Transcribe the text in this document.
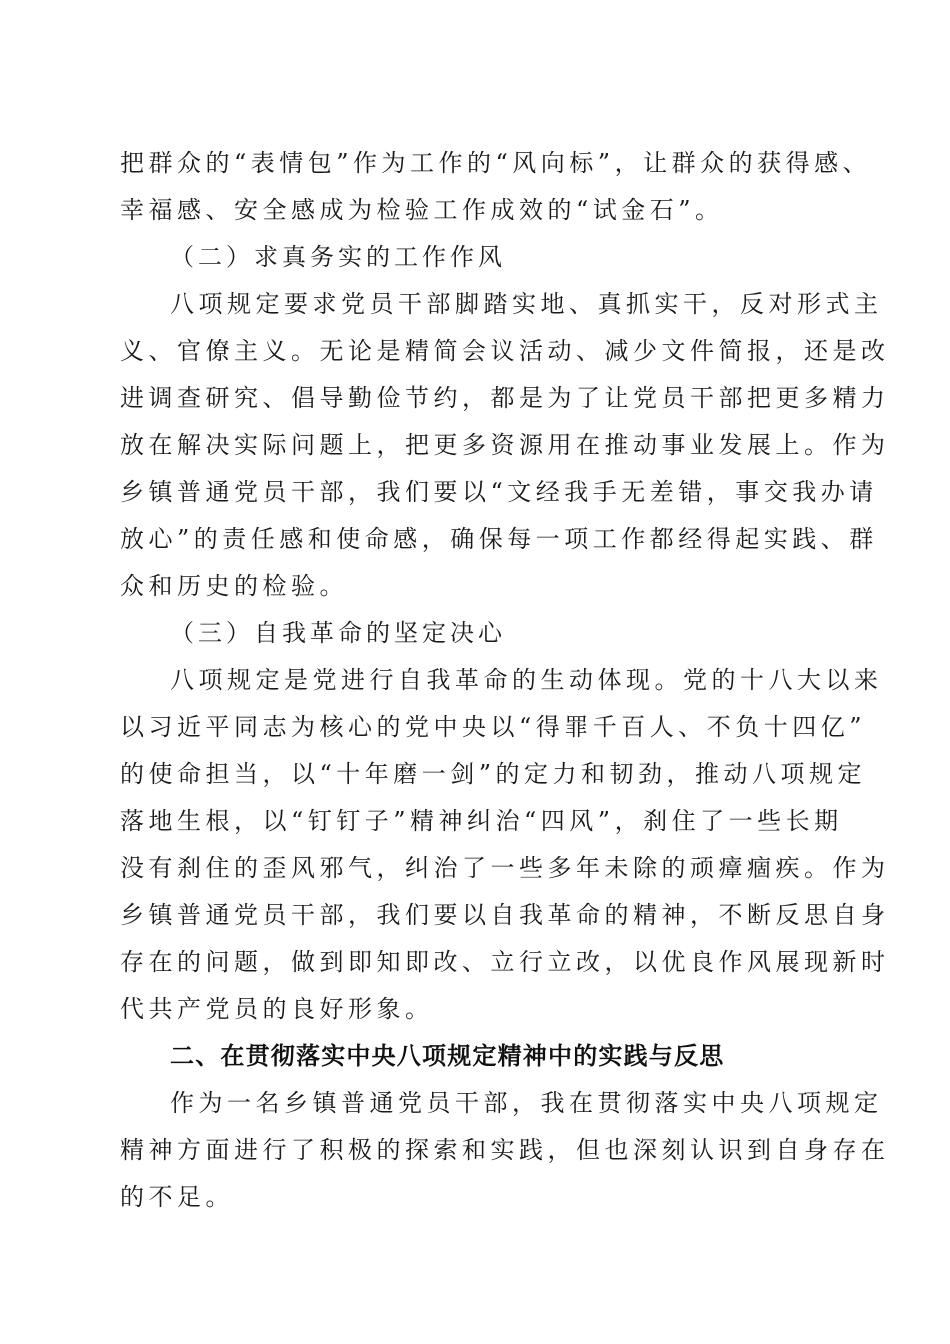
把群众的“表情包”作为工作的“风向标”，让群众的获得感、
幸福感、安全感成为检验工作成效的“试金石”。
（二）求真务实的工作作风
八项规定要求党员干部脚踏实地、真抓实干，反对形式主
义、官僚主义。无论是精简会议活动、减少文件简报，还是改
进调查研究、倡导勤俭节约，都是为了让党员干部把更多精力
放在解决实际问题上，把更多资源用在推动事业发展上。作为
乡镇普通党员干部，我们要以“文经我手无差错，事交我办请
放心”的责任感和使命感，确保每一项工作都经得起实践、群
众和历史的检验。
（三）自我革命的坚定决心
八项规定是党进行自我革命的生动体现。党的十八大以来
以习近平同志为核心的党中央以“得罪千百人、不负十四亿”
的使命担当，以“十年磨一剑”的定力和韧劲，推动八项规定
落地生根，以“钉钉子”精神纠治“四风”，刹住了一些长期
没有刹住的歪风邪气，纠治了一些多年未除的顽瘴痼疾。作为
乡镇普通党员干部，我们要以自我革命的精神，不断反思自身
存在的问题，做到即知即改、立行立改，以优良作风展现新时
代共产党员的良好形象。
二、在贯彻落实中央八项规定精神中的实践与反思
作为一名乡镇普通党员干部，我在贯彻落实中央八项规定
精神方面进行了积极的探索和实践，但也深刻认识到自身存在
的不足。
